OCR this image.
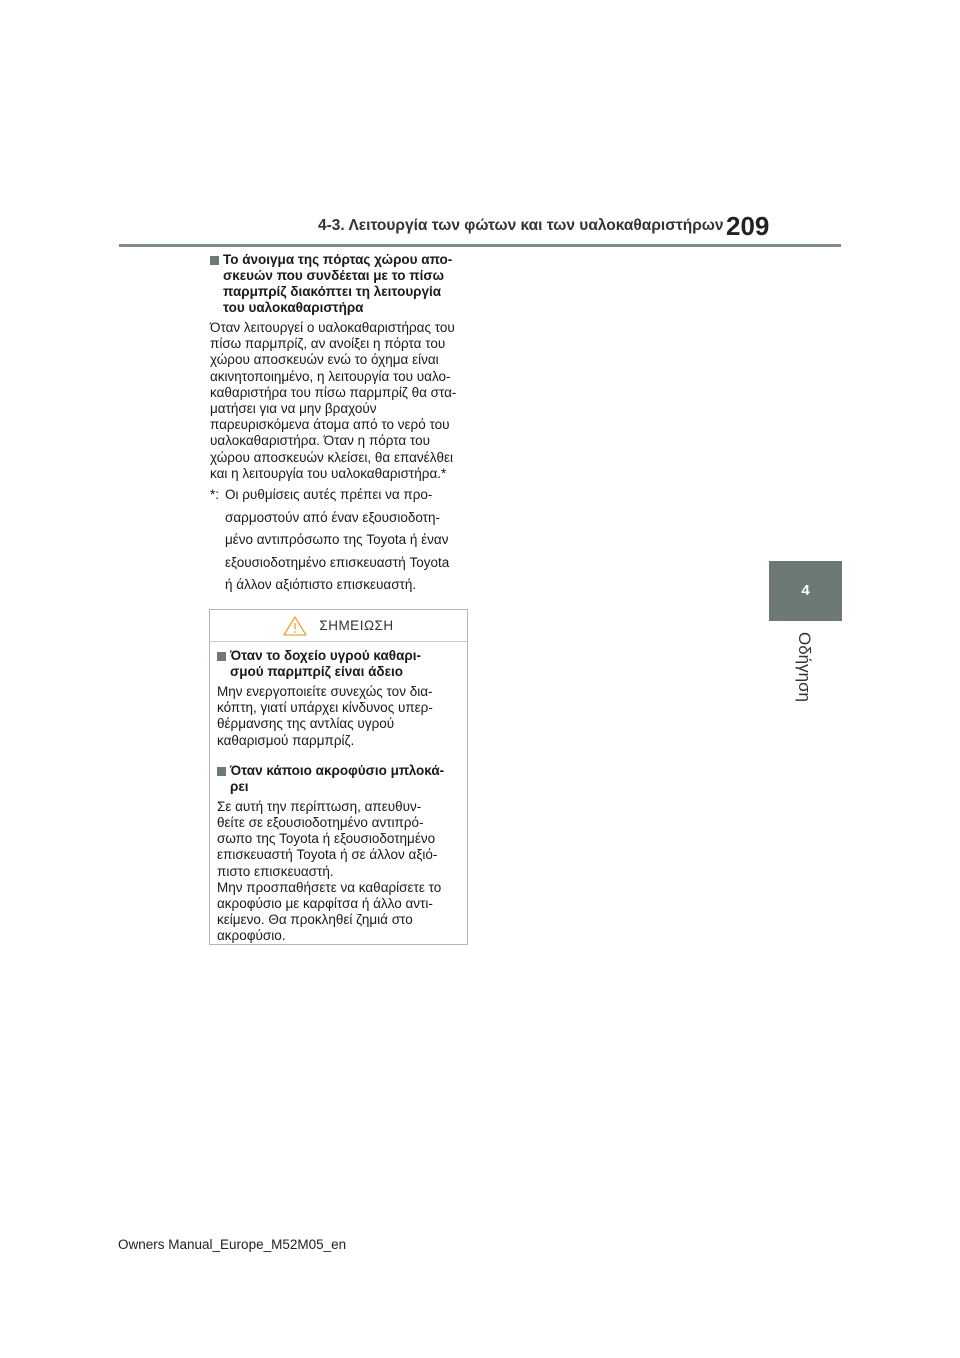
4-3. Λειτουργία των φώτων και των υαλοκαθαριστήρων 209
4
Οδήγηση
Το άνοιγμα της πόρτας χώρου απο-
σκευών που συνδέεται με το πίσω
παρμπρίζ διακόπτει τη λειτουργία
του υαλοκαθαριστήρα
Όταν λειτουργεί ο υαλοκαθαριστήρας του
πίσω παρμπρίζ, αν ανοίξει η πόρτα του
χώρου αποσκευών ενώ το όχημα είναι
ακινητοποιημένο, η λειτουργία του υαλο-
καθαριστήρα του πίσω παρμπρίζ θα στα-
ματήσει για να μην βραχούν
παρευρισκόμενα άτομα από το νερό του
υαλοκαθαριστήρα. Όταν η πόρτα του
χώρου αποσκευών κλείσει, θα επανέλθει
και η λειτουργία του υαλοκαθαριστήρα.*
*: Οι ρυθμίσεις αυτές πρέπει να προ-
σαρμοστούν από έναν εξουσιοδοτη-
μένο αντιπρόσωπο της Toyota ή έναν
εξουσιοδοτημένο επισκευαστή Toyota
ή άλλον αξιόπιστο επισκευαστή.
ΣΗΜΕΙΩΣΗ
Όταν το δοχείο υγρού καθαρι-
σμού παρμπρίζ είναι άδειο
Μην ενεργοποιείτε συνεχώς τον δια-
κόπτη, γιατί υπάρχει κίνδυνος υπερ-
θέρμανσης της αντλίας υγρού
καθαρισμού παρμπρίζ.
Όταν κάποιο ακροφύσιο μπλοκά-
ρει
Σε αυτή την περίπτωση, απευθυν-
θείτε σε εξουσιοδοτημένο αντιπρό-
σωπο της Toyota ή εξουσιοδοτημένο
επισκευαστή Toyota ή σε άλλον αξιό-
πιστο επισκευαστή.
Μην προσπαθήσετε να καθαρίσετε το
ακροφύσιο με καρφίτσα ή άλλο αντι-
κείμενο. Θα προκληθεί ζημιά στο
ακροφύσιο.
Owners Manual_Europe_M52M05_en
